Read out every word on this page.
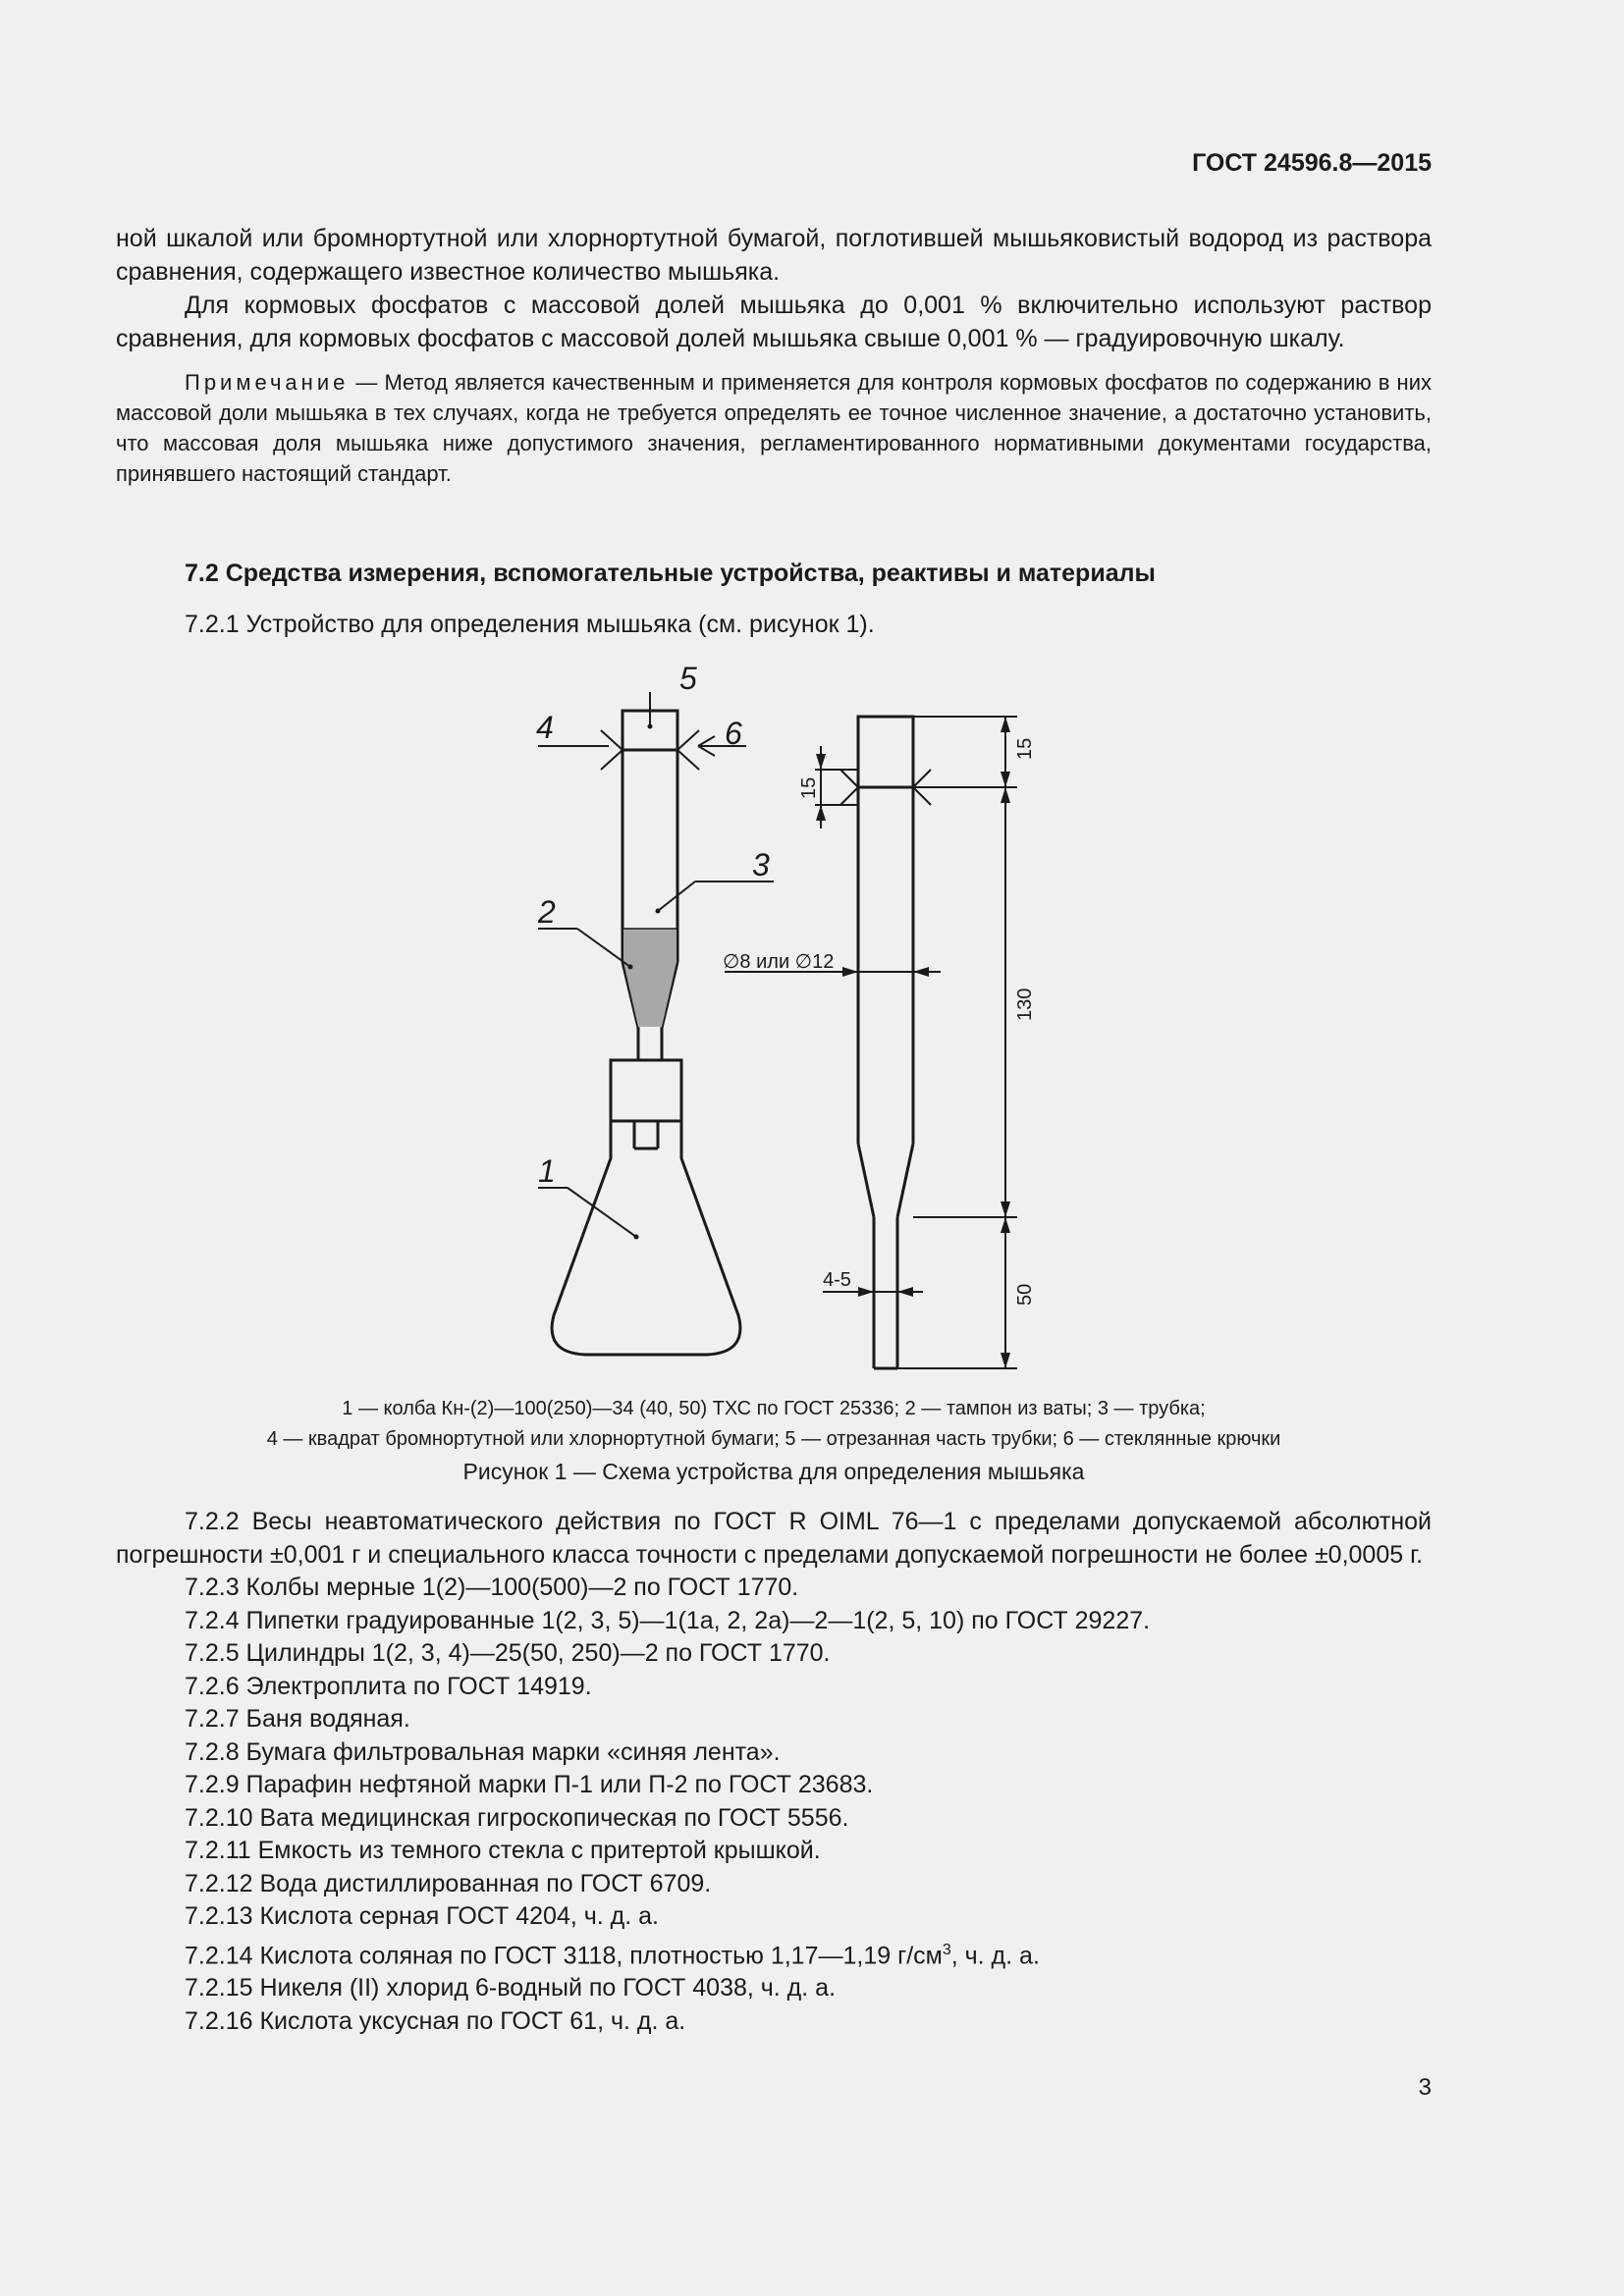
ГОСТ 24596.8—2015

ной шкалой или бромнортутной или хлорнортутной бумагой, поглотившей мышьяковистый водород из раствора сравнения, содержащего известное количество мышьяка.

Для кормовых фосфатов с массовой долей мышьяка до 0,001 % включительно используют раствор сравнения, для кормовых фосфатов с массовой долей мышьяка свыше 0,001 % — градуировочную шкалу.

Примечание — Метод является качественным и применяется для контроля кормовых фосфатов по содержанию в них массовой доли мышьяка в тех случаях, когда не требуется определять ее точное численное значение, а достаточно установить, что массовая доля мышьяка ниже допустимого значения, регламентированного нормативными документами государства, принявшего настоящий стандарт.

7.2 Средства измерения, вспомогательные устройства, реактивы и материалы
7.2.1 Устройство для определения мышьяка (см. рисунок 1).
5
4	6
3
2
1
15
15
130
50
4-5
∅8 или ∅12
1 — колба Кн-(2)—100(250)—34 (40, 50) ТХС по ГОСТ 25336; 2 — тампон из ваты; 3 — трубка;
4 — квадрат бромнортутной или хлорнортутной бумаги; 5 — отрезанная часть трубки; 6 — стеклянные крючки
Рисунок 1 — Схема устройства для определения мышьяка

7.2.2 Весы неавтоматического действия по ГОСТ R OIML 76—1 с пределами допускаемой абсолютной погрешности ±0,001 г и специального класса точности с пределами допускаемой погрешности не более ±0,0005 г.

7.2.3 Колбы мерные 1(2)—100(500)—2 по ГОСТ 1770.

7.2.4 Пипетки градуированные 1(2, 3, 5)—1(1а, 2, 2а)—2—1(2, 5, 10) по ГОСТ 29227.

7.2.5 Цилиндры 1(2, 3, 4)—25(50, 250)—2 по ГОСТ 1770.

7.2.6 Электроплита по ГОСТ 14919.

7.2.7 Баня водяная.

7.2.8 Бумага фильтровальная марки «синяя лента».

7.2.9 Парафин нефтяной марки П-1 или П-2 по ГОСТ 23683.

7.2.10 Вата медицинская гигроскопическая по ГОСТ 5556.

7.2.11 Емкость из темного стекла с притертой крышкой.

7.2.12 Вода дистиллированная по ГОСТ 6709.

7.2.13 Кислота серная ГОСТ 4204, ч. д. а.

7.2.14 Кислота соляная по ГОСТ 3118, плотностью 1,17—1,19 $г/см^3$, ч. д. а.

7.2.15 Никеля (II) хлорид 6-водный по ГОСТ 4038, ч. д. а.

7.2.16 Кислота уксусная по ГОСТ 61, ч. д. а.

3
